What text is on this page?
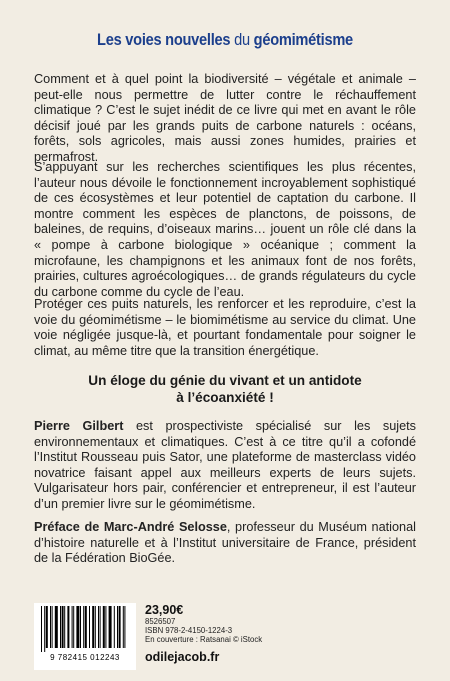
Les voies nouvelles du géomimétisme

Comment et à quel point la biodiversité – végétale et animale – peut-elle nous permettre de lutter contre le réchauffement climatique ? C’est le sujet inédit de ce livre qui met en avant le rôle décisif joué par les grands puits de carbone naturels : océans, forêts, sols agricoles, mais aussi zones humides, prairies et permafrost.

S’appuyant sur les recherches scientifiques les plus récentes, l’auteur nous dévoile le fonctionnement incroyablement sophistiqué de ces écosystèmes et leur potentiel de captation du carbone. Il montre comment les espèces de planctons, de poissons, de baleines, de requins, d’oiseaux marins… jouent un rôle clé dans la « pompe à carbone biologique » océanique ; comment la microfaune, les champignons et les animaux font de nos forêts, prairies, cultures agroécologiques… de grands régulateurs du cycle du carbone comme du cycle de l’eau.

Protéger ces puits naturels, les renforcer et les reproduire, c’est la voie du géomimétisme – le biomimétisme au service du climat. Une voie négligée jusque-là, et pourtant fondamentale pour soigner le climat, au même titre que la transition énergétique.

Un éloge du génie du vivant et un antidote
à l’écoanxiété !

Pierre Gilbert est prospectiviste spécialisé sur les sujets environnementaux et climatiques. C’est à ce titre qu’il a cofondé l’Institut Rousseau puis Sator, une plateforme de masterclass vidéo novatrice faisant appel aux meilleurs experts de leurs sujets. Vulgarisateur hors pair, conférencier et entrepreneur, il est l’auteur d’un premier livre sur le géomimétisme.

Préface de Marc-André Selosse, professeur du Muséum national d’histoire naturelle et à l’Institut universitaire de France, président de la Fédération BioGée.

9 782415 012243
23,90€
8526507
ISBN 978-2-4150-1224-3
En couverture : Ratsanai © iStock
odilejacob.fr
